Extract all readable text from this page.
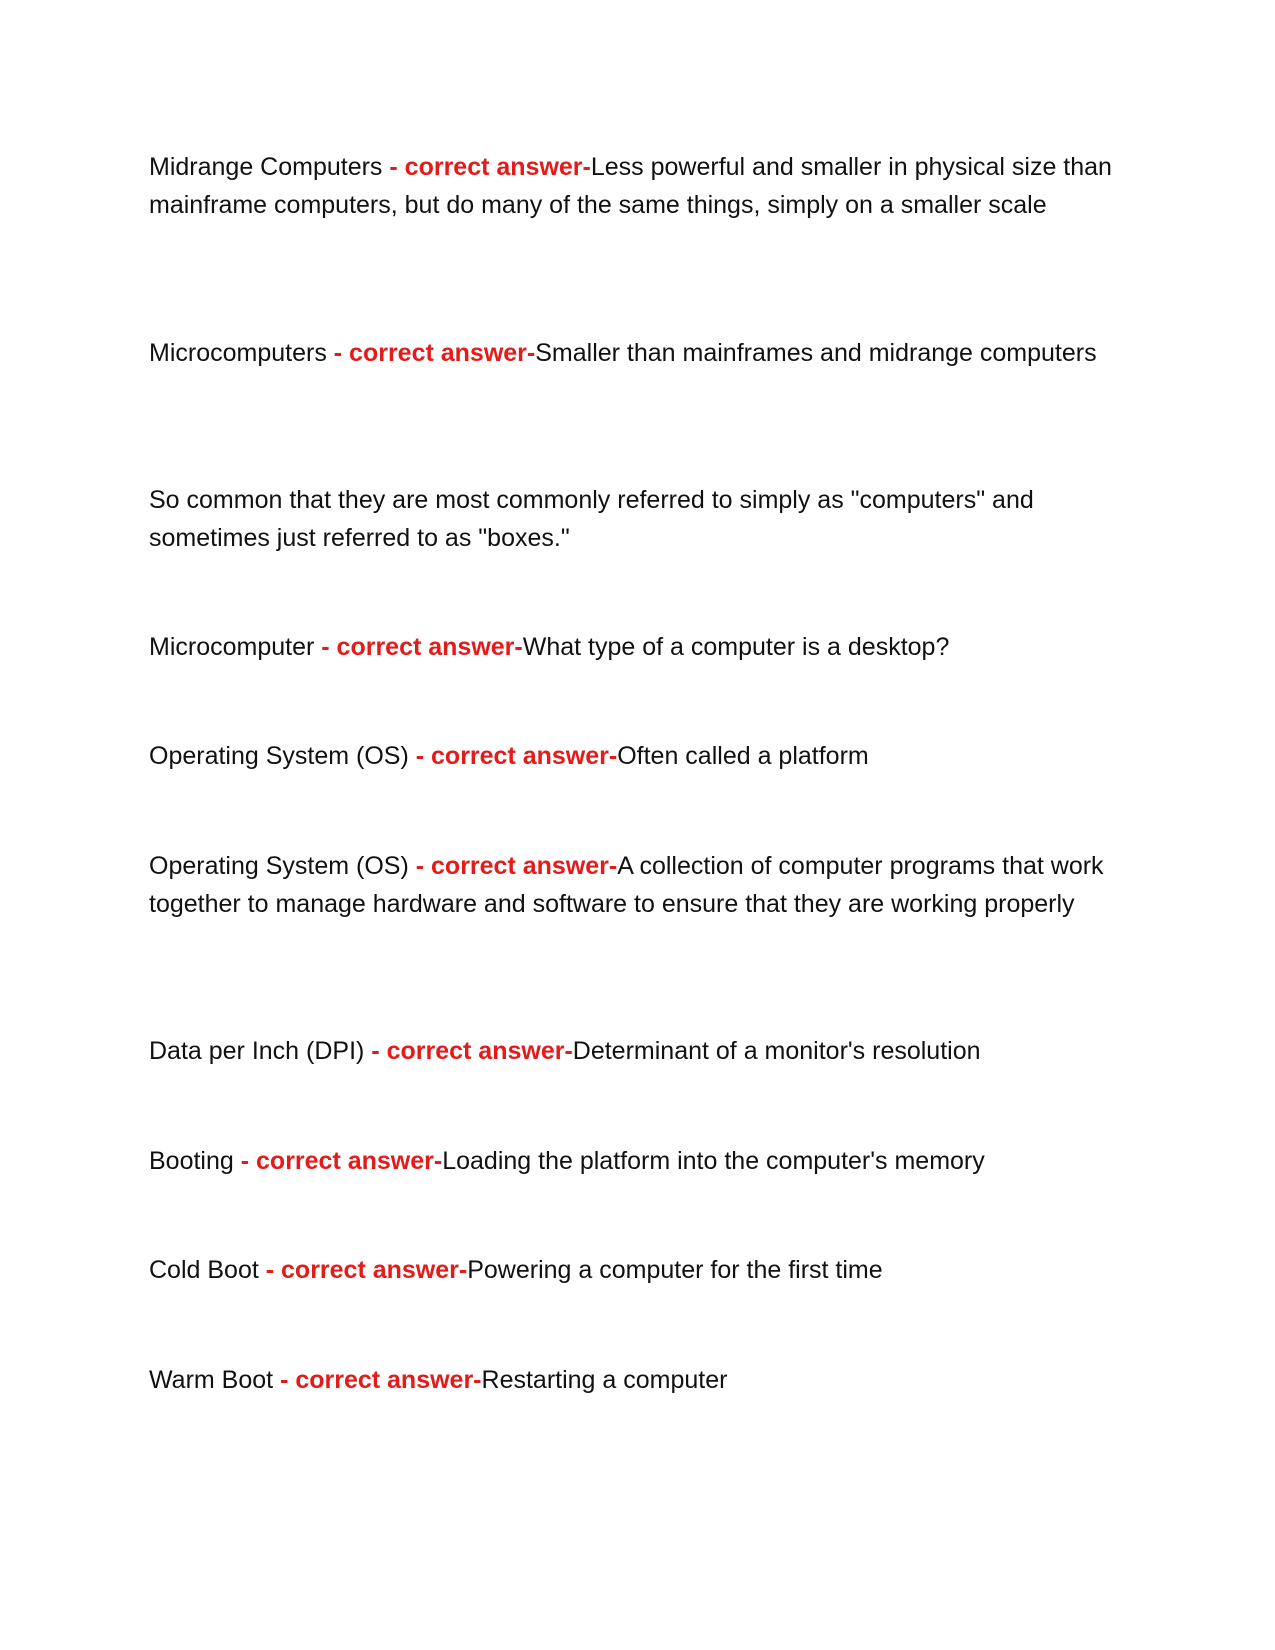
Midrange Computers - correct answer-Less powerful and smaller in physical size than mainframe computers, but do many of the same things, simply on a smaller scale

Microcomputers - correct answer-Smaller than mainframes and midrange computers

So common that they are most commonly referred to simply as "computers" and sometimes just referred to as "boxes."

Microcomputer - correct answer-What type of a computer is a desktop?

Operating System (OS) - correct answer-Often called a platform

Operating System (OS) - correct answer-A collection of computer programs that work together to manage hardware and software to ensure that they are working properly

Data per Inch (DPI) - correct answer-Determinant of a monitor's resolution

Booting - correct answer-Loading the platform into the computer's memory

Cold Boot - correct answer-Powering a computer for the first time

Warm Boot - correct answer-Restarting a computer
